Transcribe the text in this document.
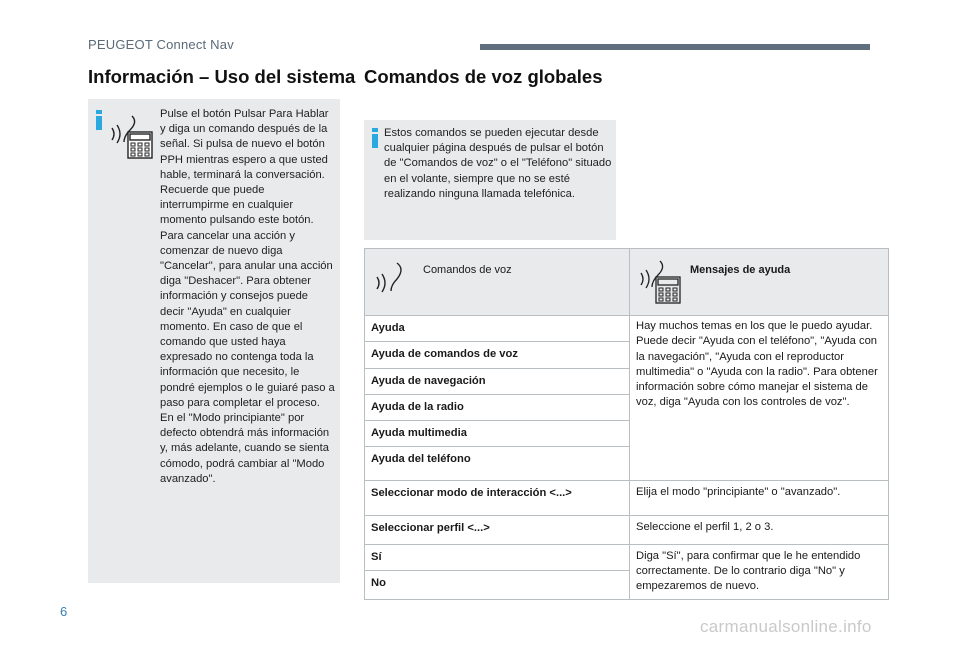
PEUGEOT Connect Nav
Información – Uso del sistema Comandos de voz globales

Pulse el botón Pulsar Para Hablar y diga un comando después de la señal. Si pulsa de nuevo el botón PPH mientras espero a que usted hable, terminará la conversación. Recuerde que puede interrumpirme en cualquier momento pulsando este botón. Para cancelar una acción y comenzar de nuevo diga "Cancelar", para anular una acción diga "Deshacer". Para obtener información y consejos puede decir "Ayuda" en cualquier momento. En caso de que el comando que usted haya expresado no contenga toda la información que necesito, le pondré ejemplos o le guiaré paso a paso para completar el proceso. En el "Modo principiante" por defecto obtendrá más información y, más adelante, cuando se sienta cómodo, podrá cambiar al "Modo avanzado".

Estos comandos se pueden ejecutar desde cualquier página después de pulsar el botón de "Comandos de voz" o el "Teléfono" situado en el volante, siempre que no se esté realizando ninguna llamada telefónica.

Comandos de voz	Mensajes de ayuda

Ayuda	Hay muchos temas en los que le puedo ayudar. Puede decir "Ayuda con el teléfono", "Ayuda con la navegación", "Ayuda con el reproductor multimedia" o "Ayuda con la radio". Para obtener información sobre cómo manejar el sistema de voz, diga "Ayuda con los controles de voz".
Ayuda de comandos de voz	
Ayuda de navegación	
Ayuda de la radio	
Ayuda multimedia	
Ayuda del teléfono	
Seleccionar modo de interacción <...>	Elija el modo "principiante" o "avanzado".
Seleccionar perfil <...>	Seleccione el perfil 1, 2 o 3.
Sí	Diga "Sí", para confirmar que le he entendido correctamente. De lo contrario diga "No" y empezaremos de nuevo.
No	
6
carmanualsonline.info
